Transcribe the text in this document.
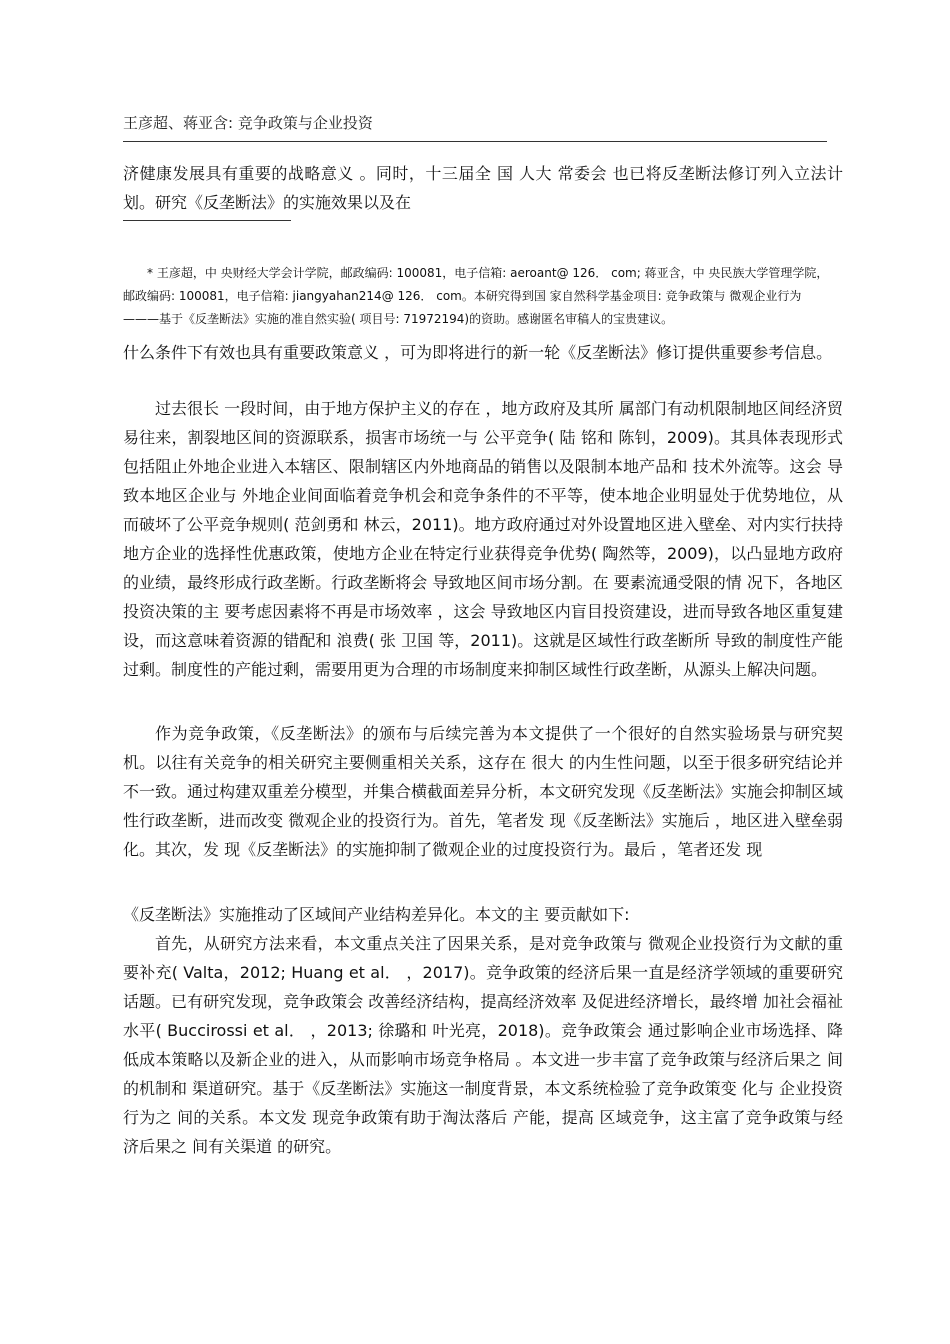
王彦超、蒋亚含: 竞争政策与企业投资

济健康发展具有重要的战略意义 。同时，十三届全 国 人大 常委会 也已将反垄断法修订列入立法计划。研究《反垄断法》的实施效果以及在

* 王彦超，中 央财经大学会计学院，邮政编码: 100081，电子信箱: aeroant@ 126． com; 蒋亚含，中 央民族大学管理学院，邮政编码: 100081，电子信箱: jiangyahan214@ 126． com。本研究得到国 家自然科学基金项目: 竞争政策与 微观企业行为———基于《反垄断法》实施的准自然实验( 项目号: 71972194)的资助。感谢匿名审稿人的宝贵建议。

什么条件下有效也具有重要政策意义 ，可为即将进行的新一轮《反垄断法》修订提供重要参考信息。

过去很长 一段时间，由于地方保护主义的存在 ，地方政府及其所 属部门有动机限制地区间经济贸易往来，割裂地区间的资源联系，损害市场统一与 公平竞争( 陆 铭和 陈钊，2009)。其具体表现形式包括阻止外地企业进入本辖区、限制辖区内外地商品的销售以及限制本地产品和 技术外流等。这会 导致本地区企业与 外地企业间面临着竞争机会和竞争条件的不平等，使本地企业明显处于优势地位，从而破坏了公平竞争规则( 范剑勇和 林云，2011)。地方政府通过对外设置地区进入壁垒、对内实行扶持 地方企业的选择性优惠政策，使地方企业在特定行业获得竞争优势( 陶然等，2009)，以凸显地方政府的业绩，最终形成行政垄断。行政垄断将会 导致地区间市场分割。在 要素流通受限的情 况下，各地区投资决策的主 要考虑因素将不再是市场效率 ，这会 导致地区内盲目投资建设，进而导致各地区重复建设，而这意味着资源的错配和 浪费( 张 卫国 等，2011)。这就是区域性行政垄断所 导致的制度性产能过剩。制度性的产能过剩，需要用更为合理的市场制度来抑制区域性行政垄断，从源头上解决问题。

作为竞争政策，《反垄断法》的颁布与后续完善为本文提供了一个很好的自然实验场景与研究契机。以往有关竞争的相关研究主要侧重相关关系，这存在 很大 的内生性问题，以至于很多研究结论并不一致。通过构建双重差分模型，并集合横截面差异分析，本文研究发现《反垄断法》实施会抑制区域性行政垄断，进而改变 微观企业的投资行为。首先，笔者发 现《反垄断法》实施后 ，地区进入壁垒弱化。其次，发 现《反垄断法》的实施抑制了微观企业的过度投资行为。最后 ，笔者还发 现

《反垄断法》实施推动了区域间产业结构差异化。本文的主 要贡献如下:

首先，从研究方法来看，本文重点关注了因果关系，是对竞争政策与 微观企业投资行为文献的重要补充( Valta，2012; Huang et al． ，2017)。竞争政策的经济后果一直是经济学领域的重要研究话题。已有研究发现，竞争政策会 改善经济结构，提高经济效率 及促进经济增长，最终增 加社会福祉水平( Buccirossi et al． ，2013; 徐璐和 叶光亮，2018)。竞争政策会 通过影响企业市场选择、降低成本策略以及新企业的进入，从而影响市场竞争格局 。本文进一步丰富了竞争政策与经济后果之 间的机制和 渠道研究。基于《反垄断法》实施这一制度背景，本文系统检验了竞争政策变 化与 企业投资行为之 间的关系。本文发 现竞争政策有助于淘汰落后 产能，提高 区域竞争，这主富了竞争政策与经济后果之 间有关渠道 的研究。
